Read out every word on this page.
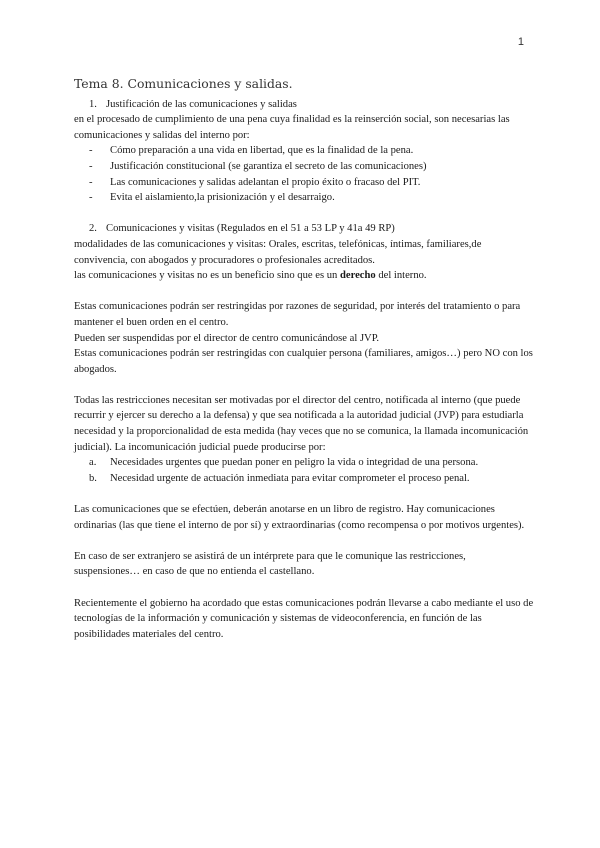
1
Tema 8. Comunicaciones y salidas.

1. Justificación de las comunicaciones y salidas

en el procesado de cumplimiento de una pena cuya finalidad es la reinserción social, son necesarias las comunicaciones y salidas del interno por:

- Cómo preparación a una vida en libertad, que es la finalidad de la pena.
- Justificación constitucional (se garantiza el secreto de las comunicaciones)
- Las comunicaciones y salidas adelantan el propio éxito o fracaso del PIT.
- Evita el aislamiento,la prisionización y el desarraigo.

2. Comunicaciones y visitas (Regulados en el 51 a 53 LP y 41a 49 RP)

modalidades de las comunicaciones y visitas: Orales, escritas, telefónicas, íntimas, familiares,de convivencia, con abogados y procuradores o profesionales acreditados.

las comunicaciones y visitas no es un beneficio sino que es un derecho del interno.

Estas comunicaciones podrán ser restringidas por razones de seguridad, por interés del tratamiento o para mantener el buen orden en el centro.

Pueden ser suspendidas por el director de centro comunicándose al JVP.

Estas comunicaciones podrán ser restringidas con cualquier persona (familiares, amigos…) pero NO con los abogados.

Todas las restricciones necesitan ser motivadas por el director del centro, notificada al interno (que puede recurrir y ejercer su derecho a la defensa) y que sea notificada a la autoridad judicial (JVP) para estudiarla necesidad y la proporcionalidad de esta medida (hay veces que no se comunica, la llamada incomunicación judicial). La incomunicación judicial puede producirse por:

a. Necesidades urgentes que puedan poner en peligro la vida o integridad de una persona.
b. Necesidad urgente de actuación inmediata para evitar comprometer el proceso penal.

Las comunicaciones que se efectúen, deberán anotarse en un libro de registro. Hay comunicaciones ordinarias (las que tiene el interno de por sí) y extraordinarias (como recompensa o por motivos urgentes).

En caso de ser extranjero se asistirá de un intérprete para que le comunique las restricciones, suspensiones… en caso de que no entienda el castellano.

Recientemente el gobierno ha acordado que estas comunicaciones podrán llevarse a cabo mediante el uso de tecnologías de la información y comunicación y sistemas de videoconferencia, en función de las posibilidades materiales del centro.
